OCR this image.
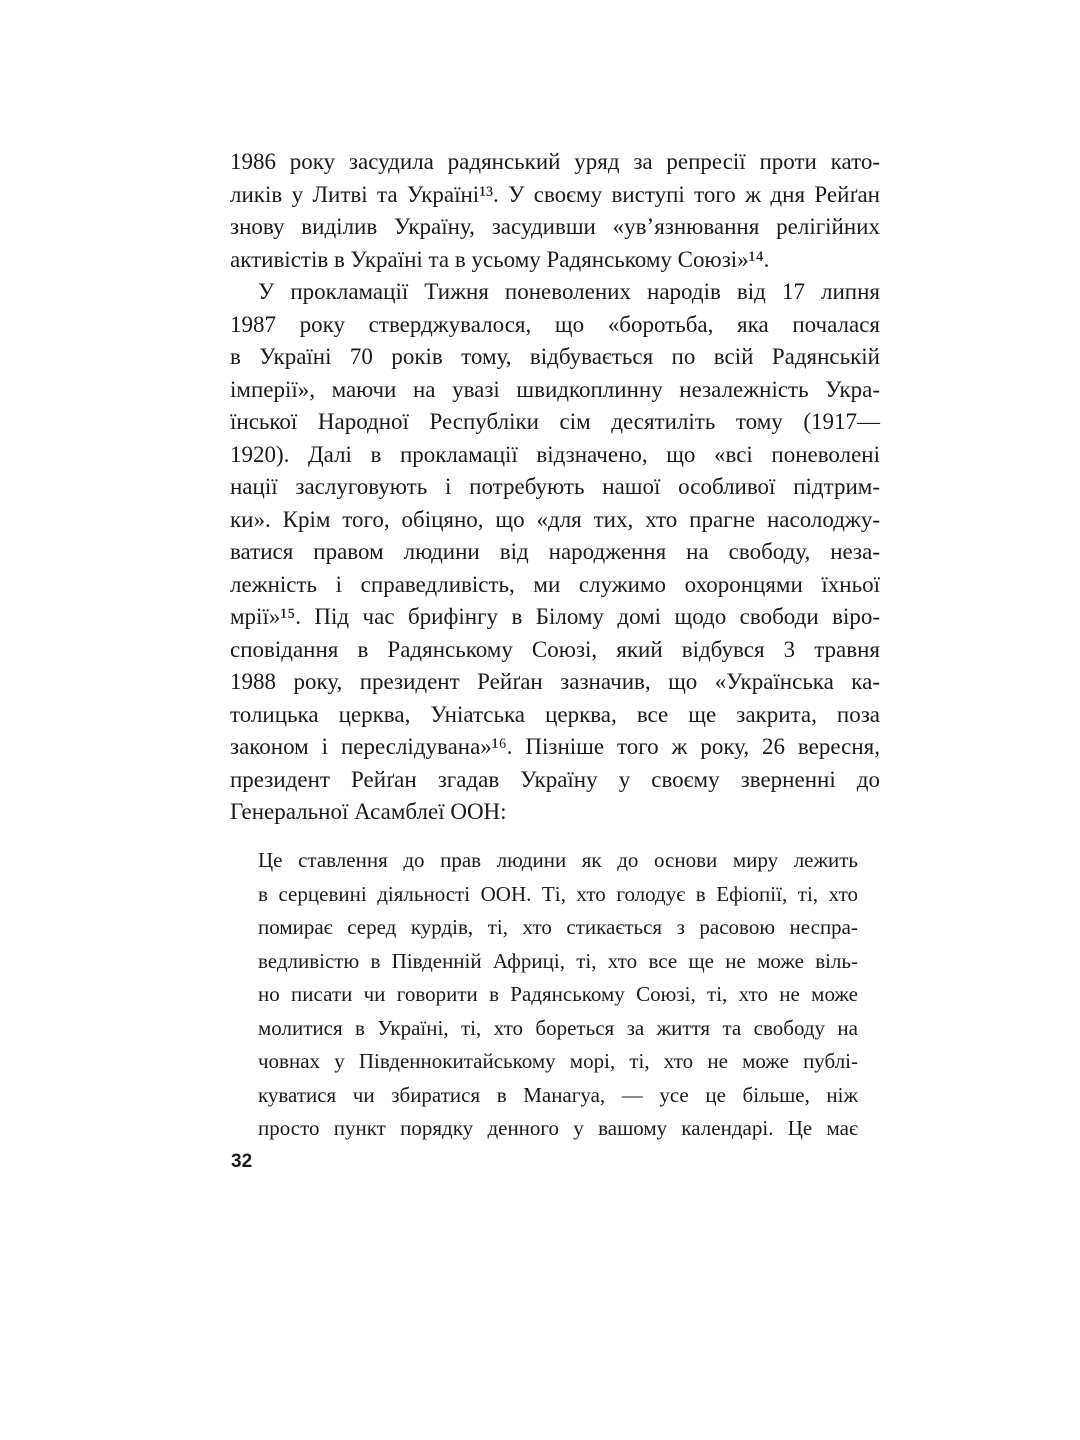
1986 року засудила радянський уряд за репресії проти като-
ликів у Литві та Україні¹³. У своєму виступі того ж дня Рейґан
знову виділив Україну, засудивши «ув’язнювання релігійних
активістів в Україні та в усьому Радянському Союзі»¹⁴.
У прокламації Тижня поневолених народів від 17 липня
1987 року стверджувалося, що «боротьба, яка почалася
в Україні 70 років тому, відбувається по всій Радянській
імперії», маючи на увазі швидкоплинну незалежність Укра-
їнської Народної Республіки сім десятиліть тому (1917—
1920). Далі в прокламації відзначено, що «всі поневолені
нації заслуговують і потребують нашої особливої підтрим-
ки». Крім того, обіцяно, що «для тих, хто прагне насолоджу-
ватися правом людини від народження на свободу, неза-
лежність і справедливість, ми служимо охоронцями їхньої
мрії»¹⁵. Під час брифінгу в Білому домі щодо свободи віро-
сповідання в Радянському Союзі, який відбувся 3 травня
1988 року, президент Рейґан зазначив, що «Українська ка-
толицька церква, Уніатська церква, все ще закрита, поза
законом і переслідувана»¹⁶. Пізніше того ж року, 26 вересня,
президент Рейґан згадав Україну у своєму зверненні до
Генеральної Асамблеї ООН:
Це ставлення до прав людини як до основи миру лежить
в серцевині діяльності ООН. Ті, хто голодує в Ефіопії, ті, хто
помирає серед курдів, ті, хто стикається з расовою неспра-
ведливістю в Південній Африці, ті, хто все ще не може віль-
но писати чи говорити в Радянському Союзі, ті, хто не може
молитися в Україні, ті, хто бореться за життя та свободу на
човнах у Південнокитайському морі, ті, хто не може публі-
куватися чи збиратися в Манагуа, — усе це більше, ніж
просто пункт порядку денного у вашому календарі. Це має
32
